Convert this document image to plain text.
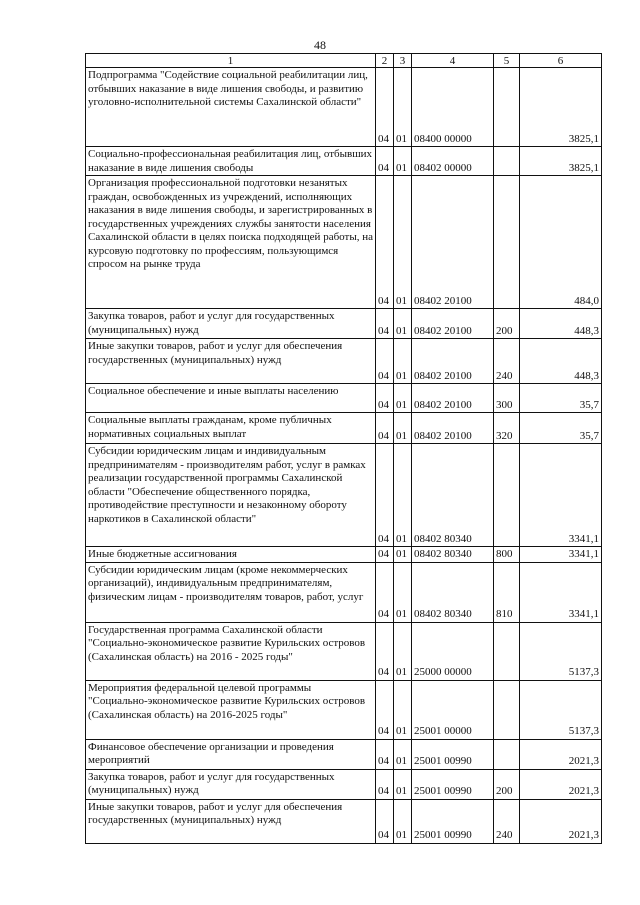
48
1	2	3	4	5	6
Подпрограмма "Содействие социальной реабилитации лиц, отбывших наказание в виде лишения свободы, и развитию уголовно-исполнительной системы Сахалинской области"	04	01	08400 00000		3825,1
Социально-профессиональная реабилитация лиц, отбывших наказание в виде лишения свободы	04	01	08402 00000		3825,1
Организация профессиональной подготовки незанятых граждан, освобожденных из учреждений, исполняющих наказания в виде лишения свободы, и зарегистрированных в государственных учреждениях службы занятости населения Сахалинской области в целях поиска подходящей работы, на курсовую подготовку по профессиям, пользующимся спросом на рынке труда	04	01	08402 20100		484,0
Закупка товаров, работ и услуг для государственных (муниципальных) нужд	04	01	08402 20100	200	448,3
Иные закупки товаров, работ и услуг для обеспечения государственных (муниципальных) нужд	04	01	08402 20100	240	448,3
Социальное обеспечение и иные выплаты населению	04	01	08402 20100	300	35,7
Социальные выплаты гражданам, кроме публичных нормативных социальных выплат	04	01	08402 20100	320	35,7
Субсидии юридическим лицам и индивидуальным предпринимателям - производителям работ, услуг в рамках реализации государственной программы Сахалинской области "Обеспечение общественного порядка, противодействие преступности и незаконному обороту наркотиков в Сахалинской области"	04	01	08402 80340		3341,1
Иные бюджетные ассигнования	04	01	08402 80340	800	3341,1
Субсидии юридическим лицам (кроме некоммерческих организаций), индивидуальным предпринимателям, физическим лицам - производителям товаров, работ, услуг	04	01	08402 80340	810	3341,1
Государственная программа Сахалинской области "Социально-экономическое развитие Курильских островов (Сахалинская область) на 2016 - 2025 годы"	04	01	25000 00000		5137,3
Мероприятия федеральной целевой программы "Социально-экономическое развитие Курильских островов (Сахалинская область) на 2016-2025 годы"	04	01	25001 00000		5137,3
Финансовое обеспечение организации и проведения мероприятий	04	01	25001 00990		2021,3
Закупка товаров, работ и услуг для государственных (муниципальных) нужд	04	01	25001 00990	200	2021,3
Иные закупки товаров, работ и услуг для обеспечения государственных (муниципальных) нужд	04	01	25001 00990	240	2021,3
